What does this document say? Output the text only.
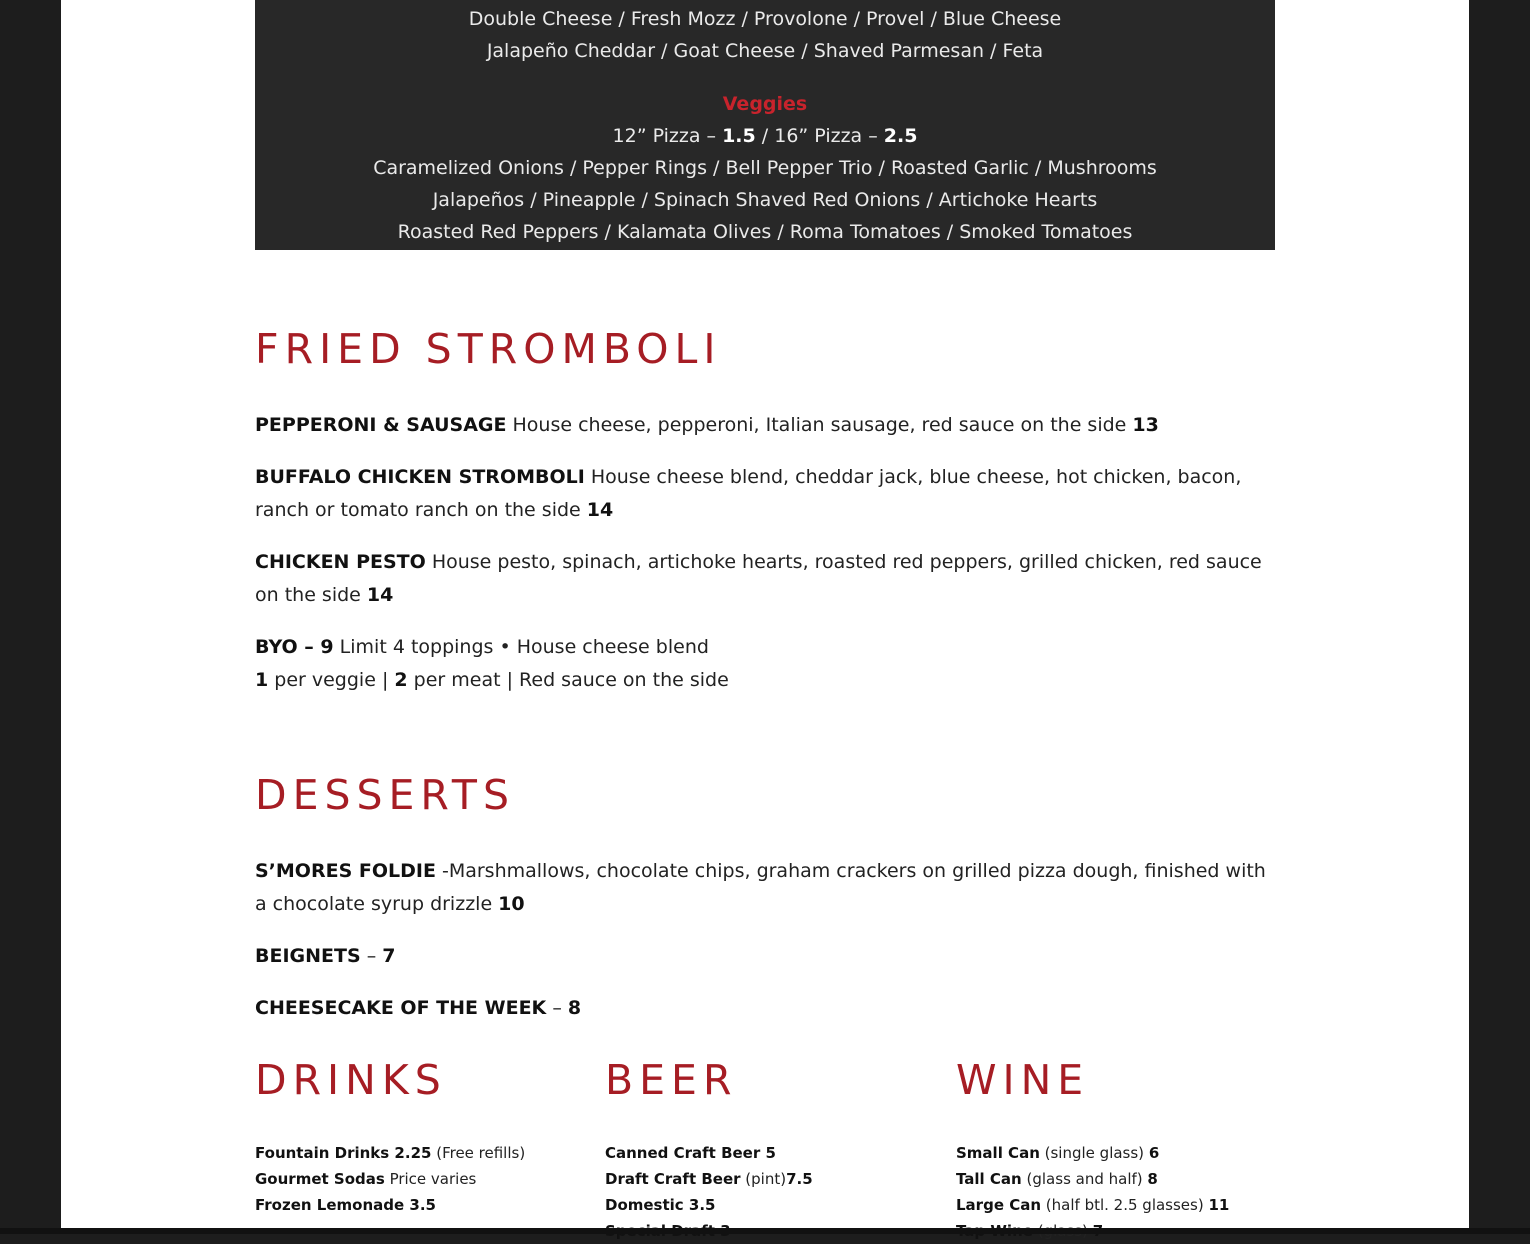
Double Cheese / Fresh Mozz / Provolone / Provel / Blue Cheese
Jalapeño Cheddar / Goat Cheese / Shaved Parmesan / Feta
Veggies
12” Pizza – 1.5 / 16” Pizza – 2.5
Caramelized Onions / Pepper Rings / Bell Pepper Trio / Roasted Garlic / Mushrooms
Jalapeños / Pineapple / Spinach Shaved Red Onions / Artichoke Hearts
Roasted Red Peppers / Kalamata Olives / Roma Tomatoes / Smoked Tomatoes
FRIED STROMBOLI

PEPPERONI & SAUSAGE House cheese, pepperoni, Italian sausage, red sauce on the side 13

BUFFALO CHICKEN STROMBOLI House cheese blend, cheddar jack, blue cheese, hot chicken, bacon, ranch or tomato ranch on the side 14

CHICKEN PESTO House pesto, spinach, artichoke hearts, roasted red peppers, grilled chicken, red sauce on the side 14

BYO – 9 Limit 4 toppings • House cheese blend
1 per veggie | 2 per meat | Red sauce on the side

DESSERTS

S’MORES FOLDIE -Marshmallows, chocolate chips, graham crackers on grilled pizza dough, finished with a chocolate syrup drizzle 10

BEIGNETS – 7

CHEESECAKE OF THE WEEK – 8

DRINKS
Fountain Drinks 2.25 (Free refills)
Gourmet Sodas Price varies
Frozen Lemonade 3.5
BEER
Canned Craft Beer 5
Draft Craft Beer (pint)7.5
Domestic 3.5
WINE
Small Can (single glass) 6
Tall Can (glass and half) 8
Large Can (half btl. 2.5 glasses) 11
